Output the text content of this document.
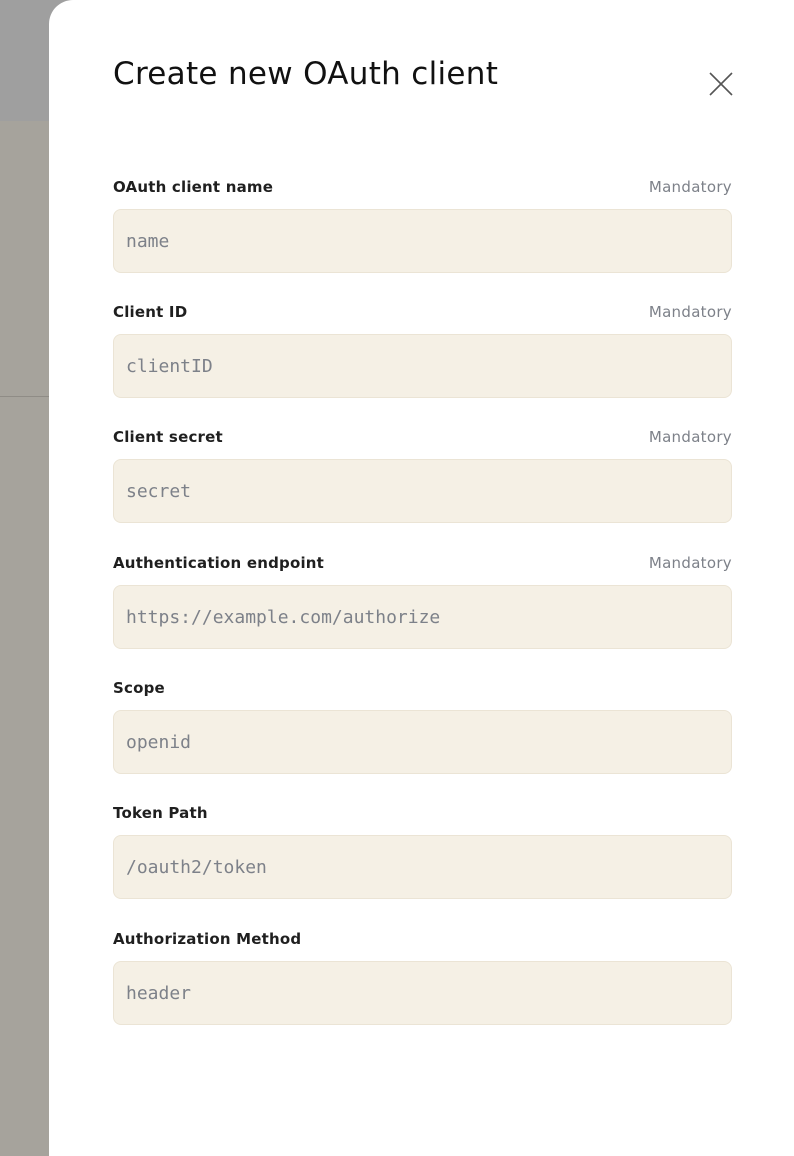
Create new OAuth client
OAuth client name	Mandatory
name
Client ID	Mandatory
clientID
Client secret	Mandatory
secret
Authentication endpoint	Mandatory
https://example.com/authorize
Scope
openid
Token Path
/oauth2/token
Authorization Method
header
